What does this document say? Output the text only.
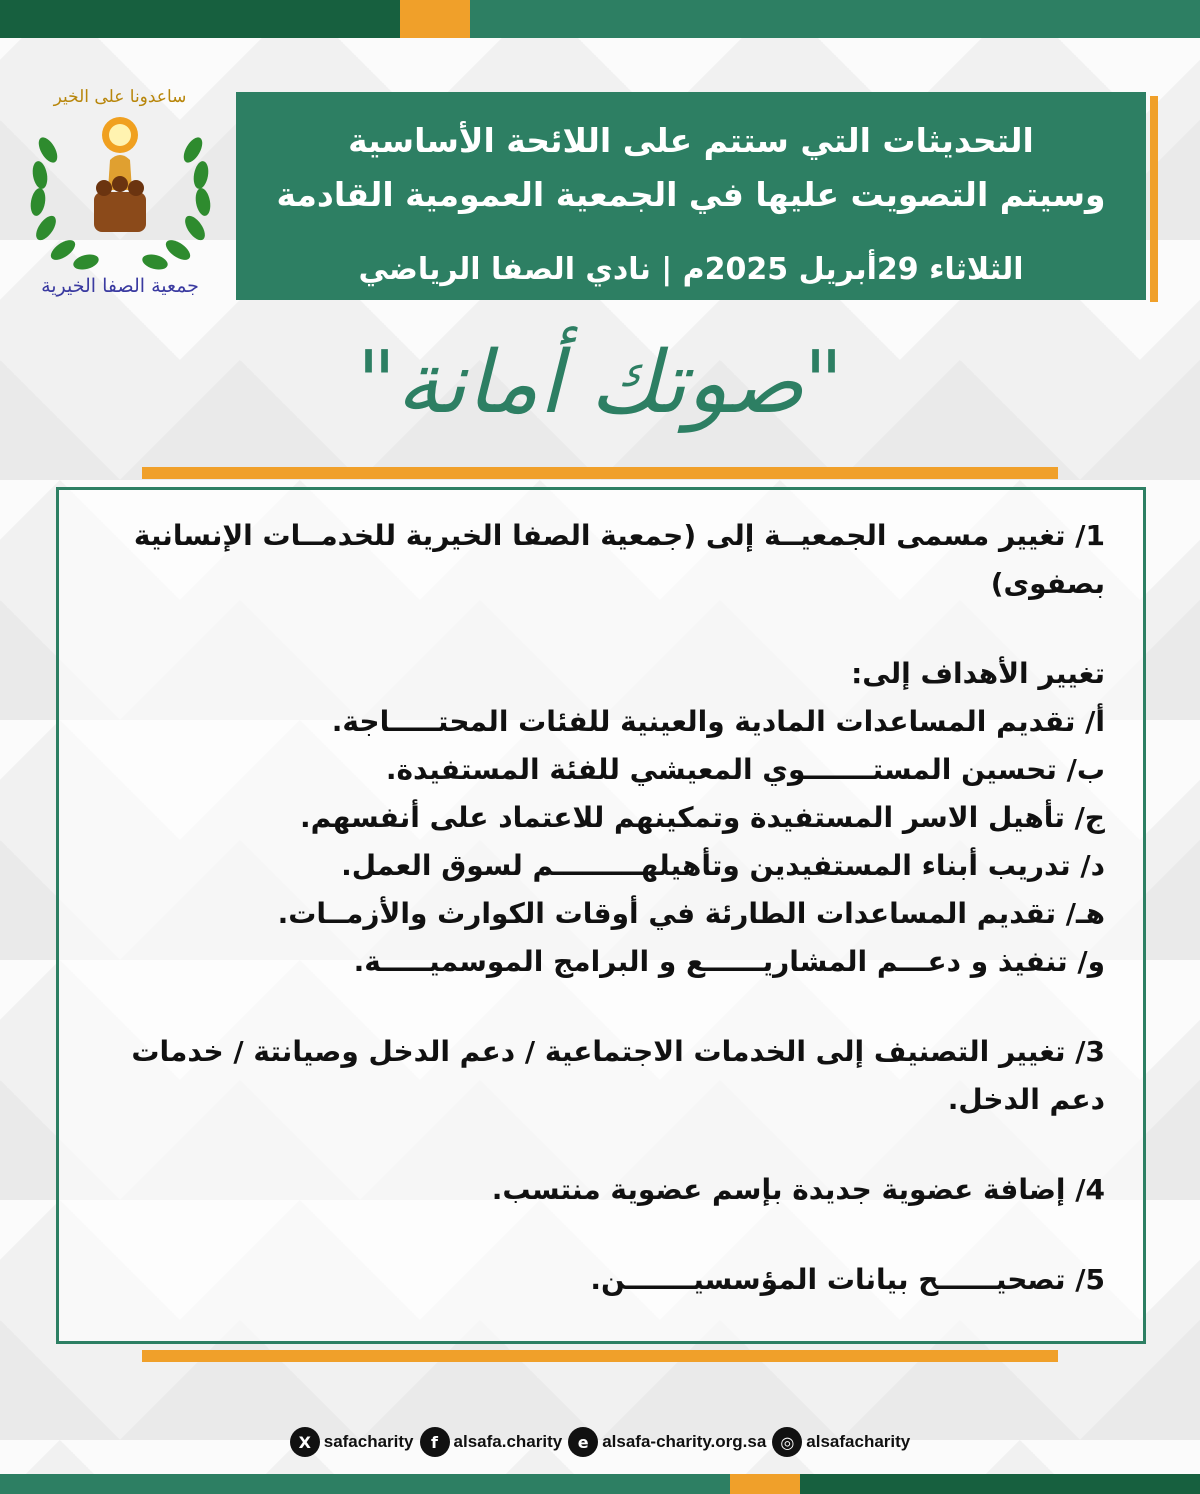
ساعدونا على الخير
جمعية الصفا الخيرية

التحديثات التي ستتم على اللائحة الأساسية

وسيتم التصويت عليها في الجمعية العمومية القادمة

الثلاثاء 29أبريل 2025م | نادي الصفا الرياضي
"صوتك أمانة"

1/ تغيير مسمى الجمعيــة إلى (جمعية الصفا الخيرية للخدمــات الإنسانية بصفوى)

تغيير الأهداف إلى:

أ/ تقديم المساعدات المادية والعينية للفئات المحتـــــاجة.

ب/ تحسين المستـــــــوي المعيشي للفئة المستفيدة.

ج/ تأهيل الاسر المستفيدة وتمكينهم للاعتماد على أنفسهم.

د/ تدريب أبناء المستفيدين وتأهيلهـــــــــم لسوق العمل.

هـ/ تقديم المساعدات الطارئة في أوقات الكوارث والأزمــات.

و/ تنفيذ و دعـــم المشاريــــــع و البرامج الموسميـــــة.

3/ تغيير التصنيف إلى الخدمات الاجتماعية / دعم الدخل وصيانتة / خدمات دعم الدخل.

4/ إضافة عضوية جديدة بإسم عضوية منتسب.

5/ تصحيــــــح بيانات المؤسسيـــــــن.

X safacharity	f alsafa.charity e alsafa-charity.org.sa ◎ alsafacharity
